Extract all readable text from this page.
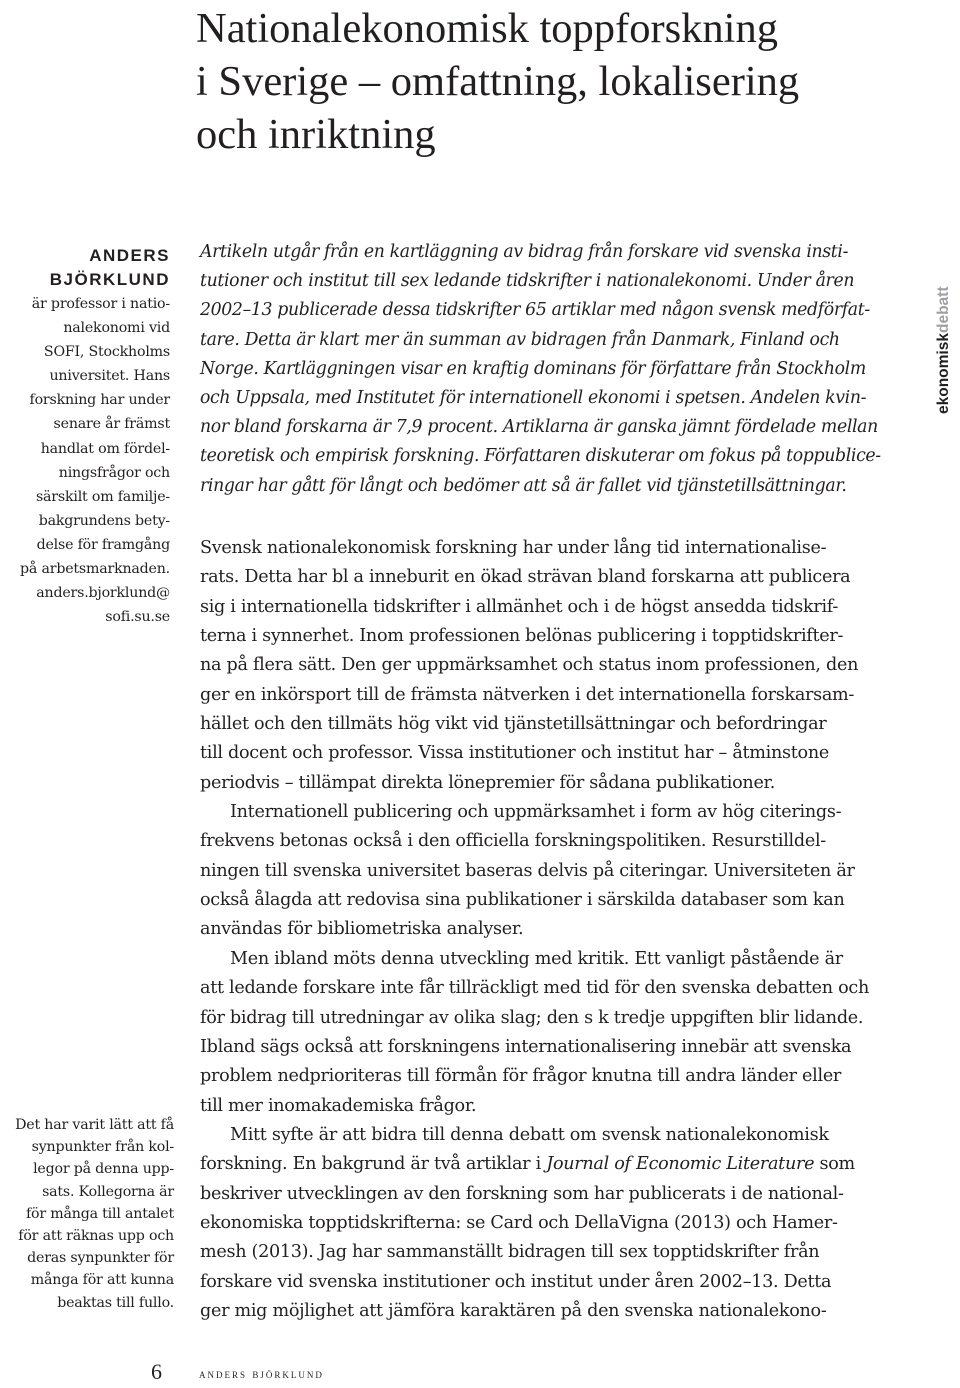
Nationalekonomisk toppforskning
i Sverige – omfattning, lokalisering
och inriktning
ANDERS
BJÖRKLUND
är professor i natio-
nalekonomi vid
SOFI, Stockholms
universitet. Hans
forskning har under
senare år främst
handlat om fördel-
ningsfrågor och
särskilt om familje-
bakgrundens bety-
delse för framgång
på arbetsmarknaden.
anders.bjorklund@
sofi.su.se
Det har varit lätt att få
synpunkter från kol-
legor på denna upp-
sats. Kollegorna är
för många till antalet
för att räknas upp och
deras synpunkter för
många för att kunna
beaktas till fullo.
Artikeln utgår från en kartläggning av bidrag från forskare vid svenska insti-
tutioner och institut till sex ledande tidskrifter i nationalekonomi. Under åren
2002–13 publicerade dessa tidskrifter 65 artiklar med någon svensk medförfat-
tare. Detta är klart mer än summan av bidragen från Danmark, Finland och
Norge. Kartläggningen visar en kraftig dominans för författare från Stockholm
och Uppsala, med Institutet för internationell ekonomi i spetsen. Andelen kvin-
nor bland forskarna är 7,9 procent. Artiklarna är ganska jämnt fördelade mellan
teoretisk och empirisk forskning. Författaren diskuterar om fokus på toppublice-
ringar har gått för långt och bedömer att så är fallet vid tjänstetillsättningar.
Svensk nationalekonomisk forskning har under lång tid internationalise-
rats. Detta har bl a inneburit en ökad strävan bland forskarna att publicera
sig i internationella tidskrifter i allmänhet och i de högst ansedda tidskrif-
terna i synnerhet. Inom professionen belönas publicering i topptidskrifter-
na på flera sätt. Den ger uppmärksamhet och status inom professionen, den
ger en inkörsport till de främsta nätverken i det internationella forskarsam-
hället och den tillmäts hög vikt vid tjänstetillsättningar och befordringar
till docent och professor. Vissa institutioner och institut har – åtminstone
periodvis – tillämpat direkta lönepremier för sådana publikationer.
Internationell publicering och uppmärksamhet i form av hög citerings-
frekvens betonas också i den officiella forskningspolitiken. Resurstilldel-
ningen till svenska universitet baseras delvis på citeringar. Universiteten är
också ålagda att redovisa sina publikationer i särskilda databaser som kan
användas för bibliometriska analyser.
Men ibland möts denna utveckling med kritik. Ett vanligt påstående är
att ledande forskare inte får tillräckligt med tid för den svenska debatten och
för bidrag till utredningar av olika slag; den s k tredje uppgiften blir lidande.
Ibland sägs också att forskningens internationalisering innebär att svenska
problem nedprioriteras till förmån för frågor knutna till andra länder eller
till mer inomakademiska frågor.
Mitt syfte är att bidra till denna debatt om svensk nationalekonomisk
forskning. En bakgrund är två artiklar i Journal of Economic Literature som
beskriver utvecklingen av den forskning som har publicerats i de national-
ekonomiska topptidskrifterna: se Card och DellaVigna (2013) och Hamer-
mesh (2013). Jag har sammanställt bidragen till sex topptidskrifter från
forskare vid svenska institutioner och institut under åren 2002–13. Detta
ger mig möjlighet att jämföra karaktären på den svenska nationalekono-
ekonomiskdebatt
6	anders björklund
